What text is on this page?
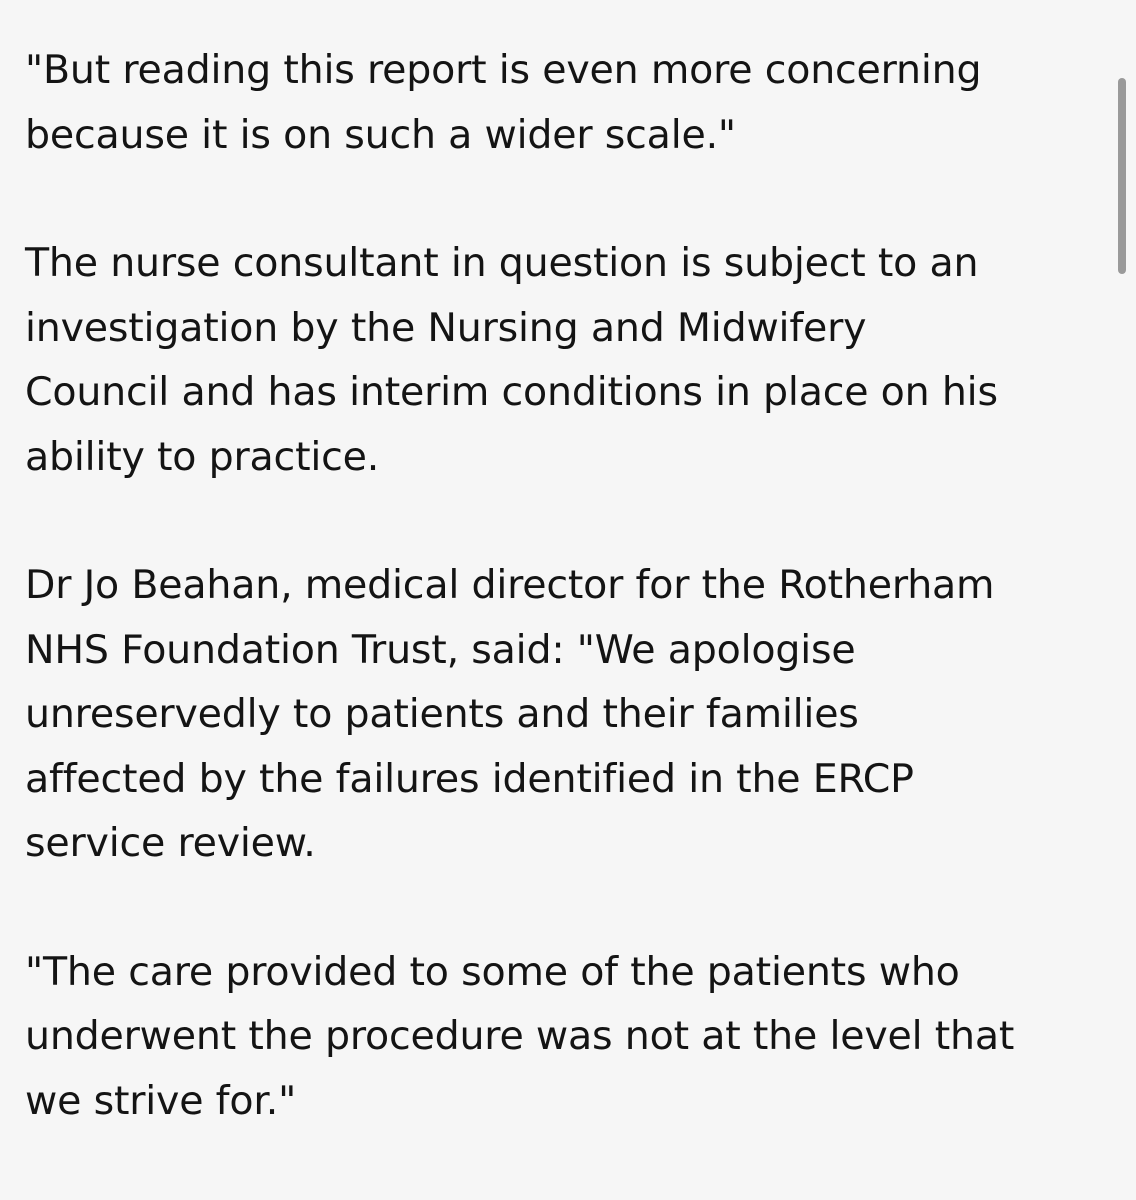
"But reading this report is even more concerning
because it is on such a wider scale."

The nurse consultant in question is subject to an
investigation by the Nursing and Midwifery
Council and has interim conditions in place on his
ability to practice.

Dr Jo Beahan, medical director for the Rotherham
NHS Foundation Trust, said: "We apologise
unreservedly to patients and their families
affected by the failures identified in the ERCP
service review.

"The care provided to some of the patients who
underwent the procedure was not at the level that
we strive for."
